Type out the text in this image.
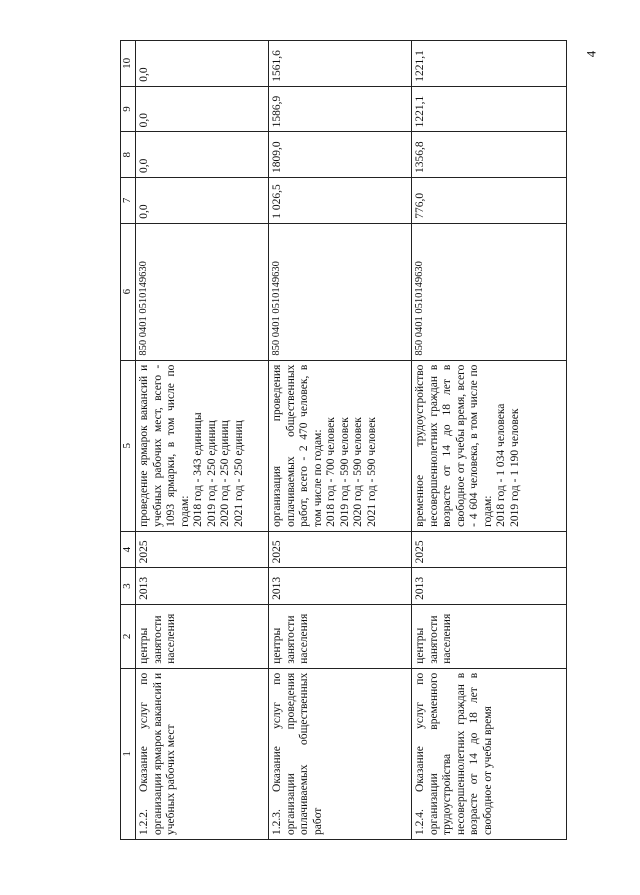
4
1	2	3	4	5	6	7	8	9	10
1.2.2. Оказание услуг по организации ярмарок вакансий и учебных рабочих мест	центры занятости населения	2013	2025	проведение ярмарок вакансий и учебных рабочих мест, всего - 1093 ярмарки, в том числе по годам: 2018 год - 343 единицы 2019 год - 250 единиц 2020 год - 250 единиц 2021 год - 250 единиц	850 0401 0510149630	0,0	0,0	0,0	0,0
1.2.3. Оказание услуг по организации проведения оплачиваемых общественных работ	центры занятости населения	2013	2025	организация проведения оплачиваемых общественных работ, всего - 2 470 человек, в том числе по годам: 2018 год - 700 человек 2019 год - 590 человек 2020 год - 590 человек 2021 год - 590 человек	850 0401 0510149630	1 026,5	1809,0	1586,9	1561,6
1.2.4. Оказание услуг по организации временного трудоустройства несовершеннолетних граждан в возрасте от 14 до 18 лет в свободное от учебы время	центры занятости населения	2013	2025	временное трудоустройство несовершеннолетних граждан в возрасте от 14 до 18 лет в свободное от учебы время, всего - 4 604 человека, в том числе по годам: 2018 год - 1 034 человека 2019 год - 1 190 человек	850 0401 0510149630	776,0	1356,8	1221,1	1221,1
